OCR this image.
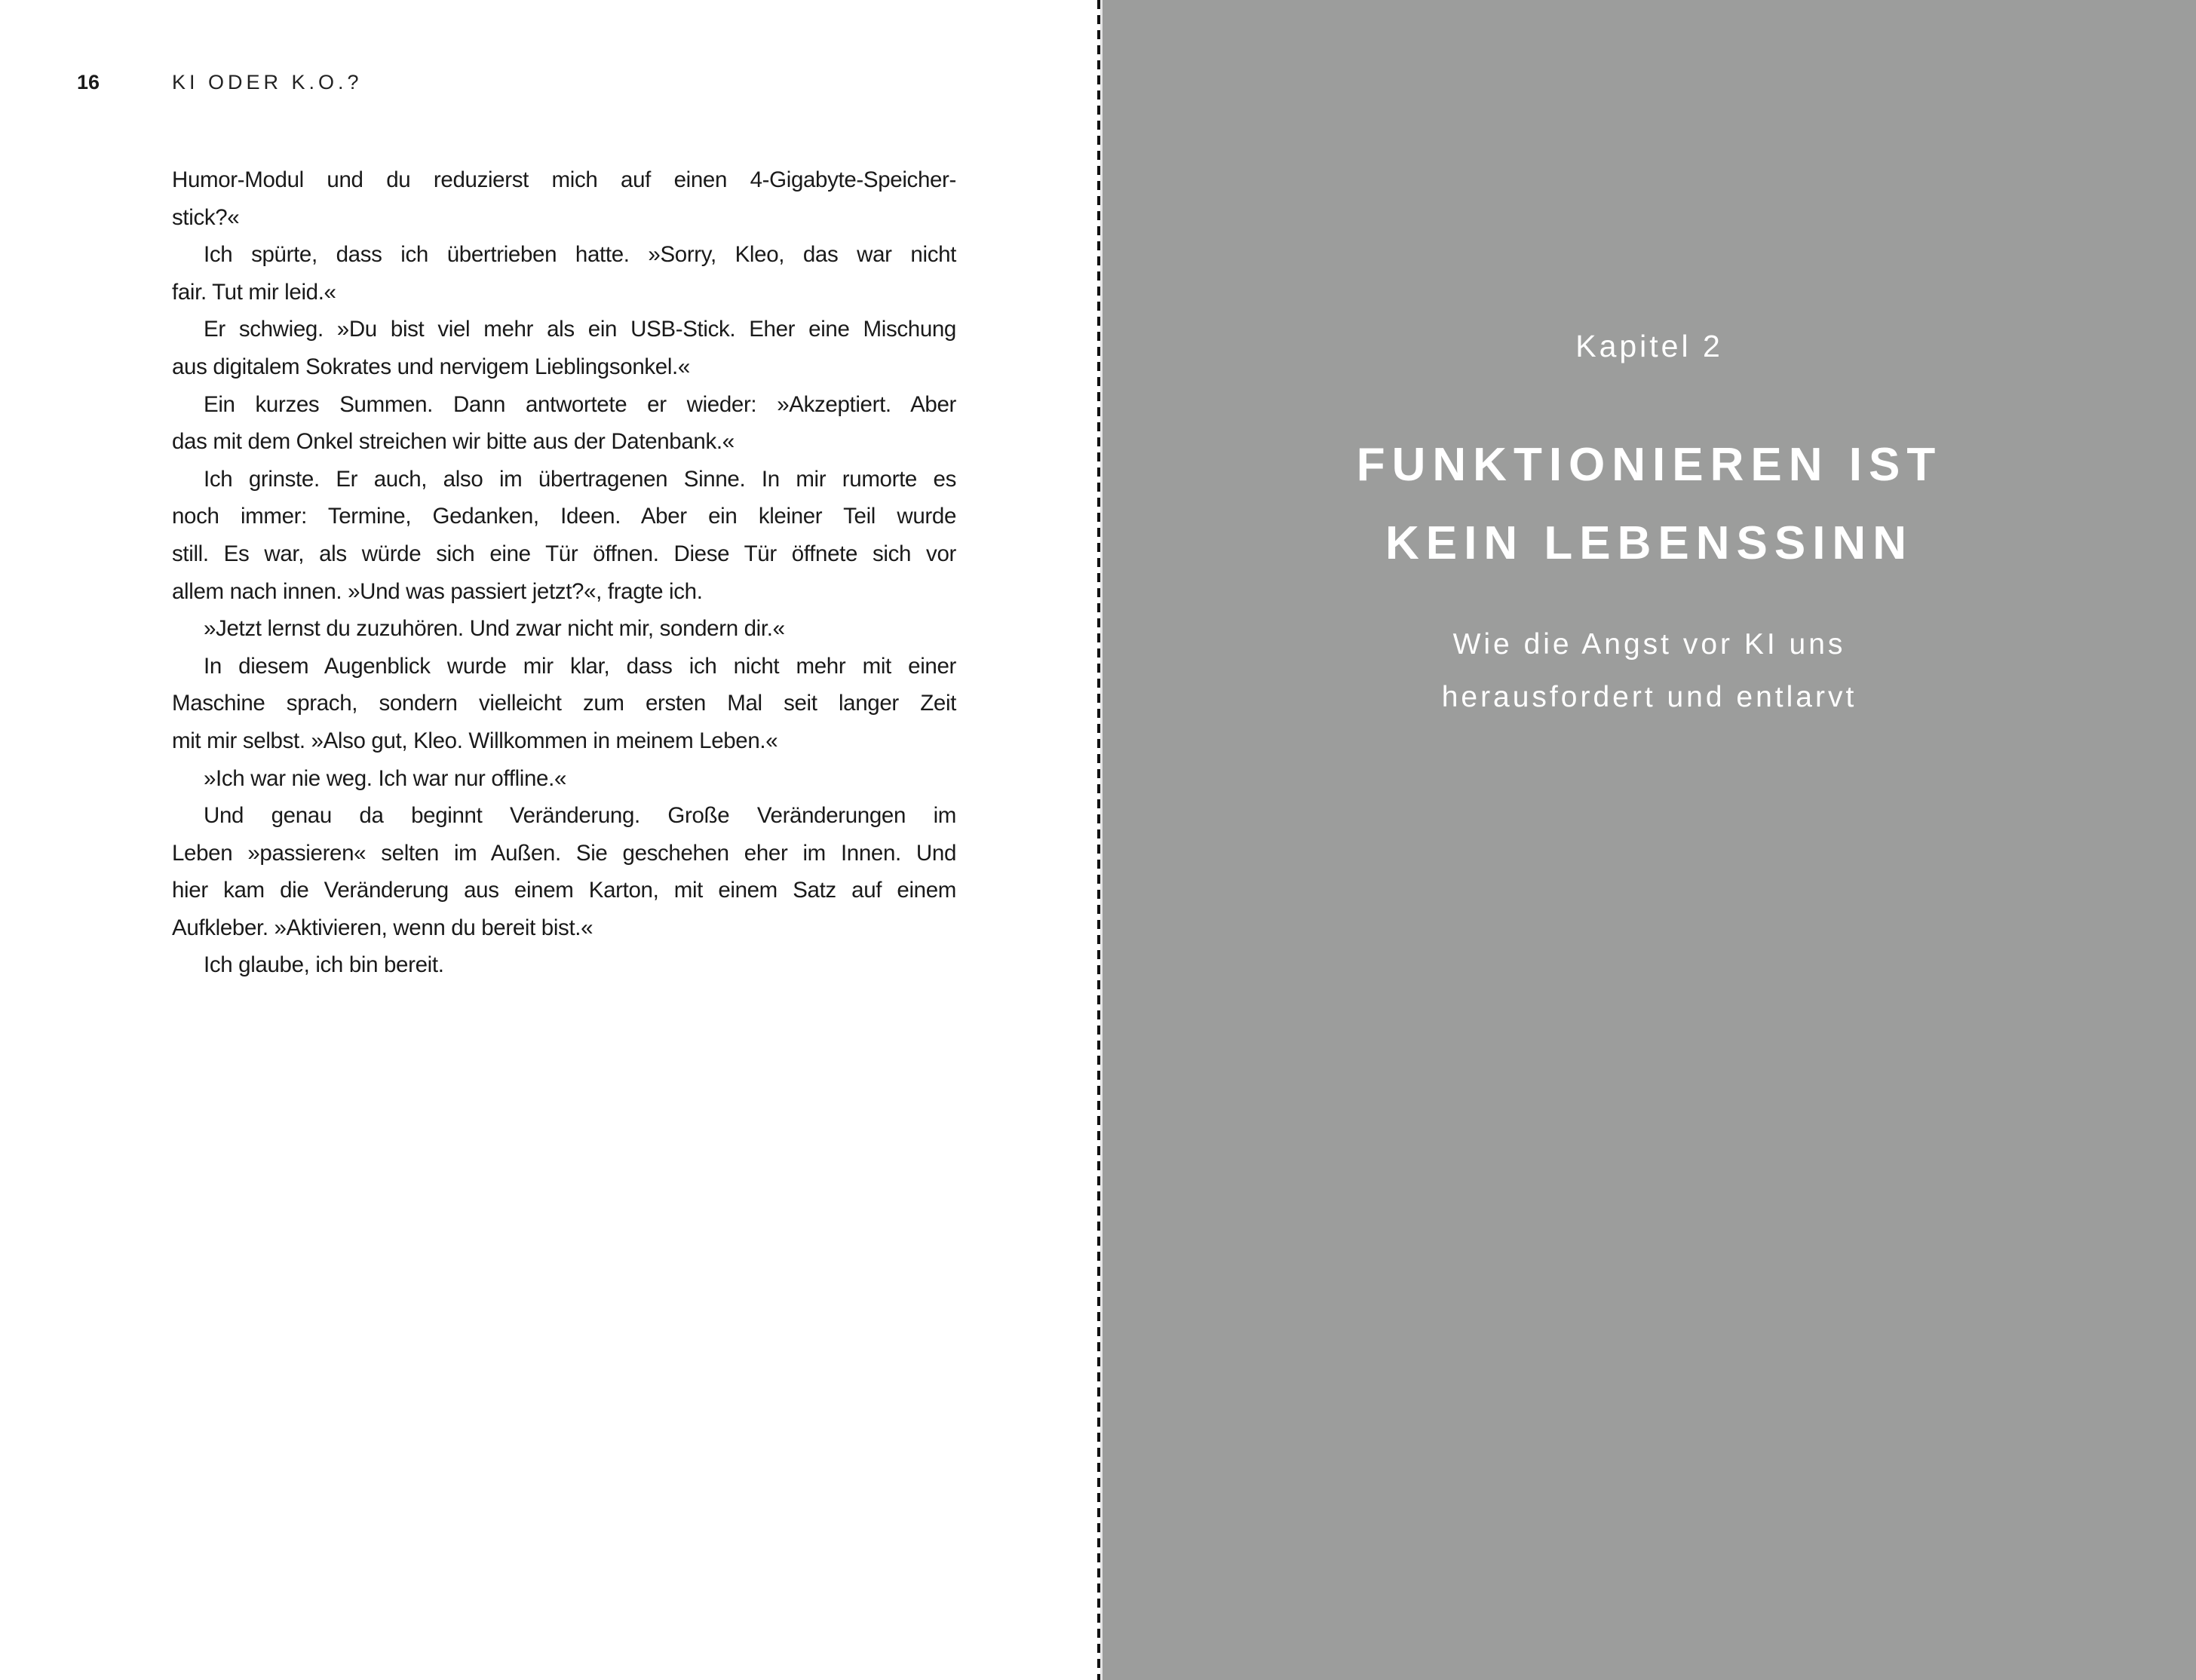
16	KI ODER K.O.?
Humor-Modul und du reduzierst mich auf einen 4-Gigabyte-Speicher-
stick?«
Ich spürte, dass ich übertrieben hatte. »Sorry, Kleo, das war nicht
fair. Tut mir leid.«
Er schwieg. »Du bist viel mehr als ein USB-Stick. Eher eine Mischung
aus digitalem Sokrates und nervigem Lieblingsonkel.«
Ein kurzes Summen. Dann antwortete er wieder: »Akzeptiert. Aber
das mit dem Onkel streichen wir bitte aus der Datenbank.«
Ich grinste. Er auch, also im übertragenen Sinne. In mir rumorte es
noch immer: Termine, Gedanken, Ideen. Aber ein kleiner Teil wurde
still. Es war, als würde sich eine Tür öffnen. Diese Tür öffnete sich vor
allem nach innen. »Und was passiert jetzt?«, fragte ich.
»Jetzt lernst du zuzuhören. Und zwar nicht mir, sondern dir.«
In diesem Augenblick wurde mir klar, dass ich nicht mehr mit einer
Maschine sprach, sondern vielleicht zum ersten Mal seit langer Zeit
mit mir selbst. »Also gut, Kleo. Willkommen in meinem Leben.«
»Ich war nie weg. Ich war nur offline.«
Und genau da beginnt Veränderung. Große Veränderungen im
Leben »passieren« selten im Außen. Sie geschehen eher im Innen. Und
hier kam die Veränderung aus einem Karton, mit einem Satz auf einem
Aufkleber. »Aktivieren, wenn du bereit bist.«
Ich glaube, ich bin bereit.
Kapitel 2
FUNKTIONIEREN IST
KEIN LEBENSSINN
Wie die Angst vor KI uns
herausfordert und entlarvt
